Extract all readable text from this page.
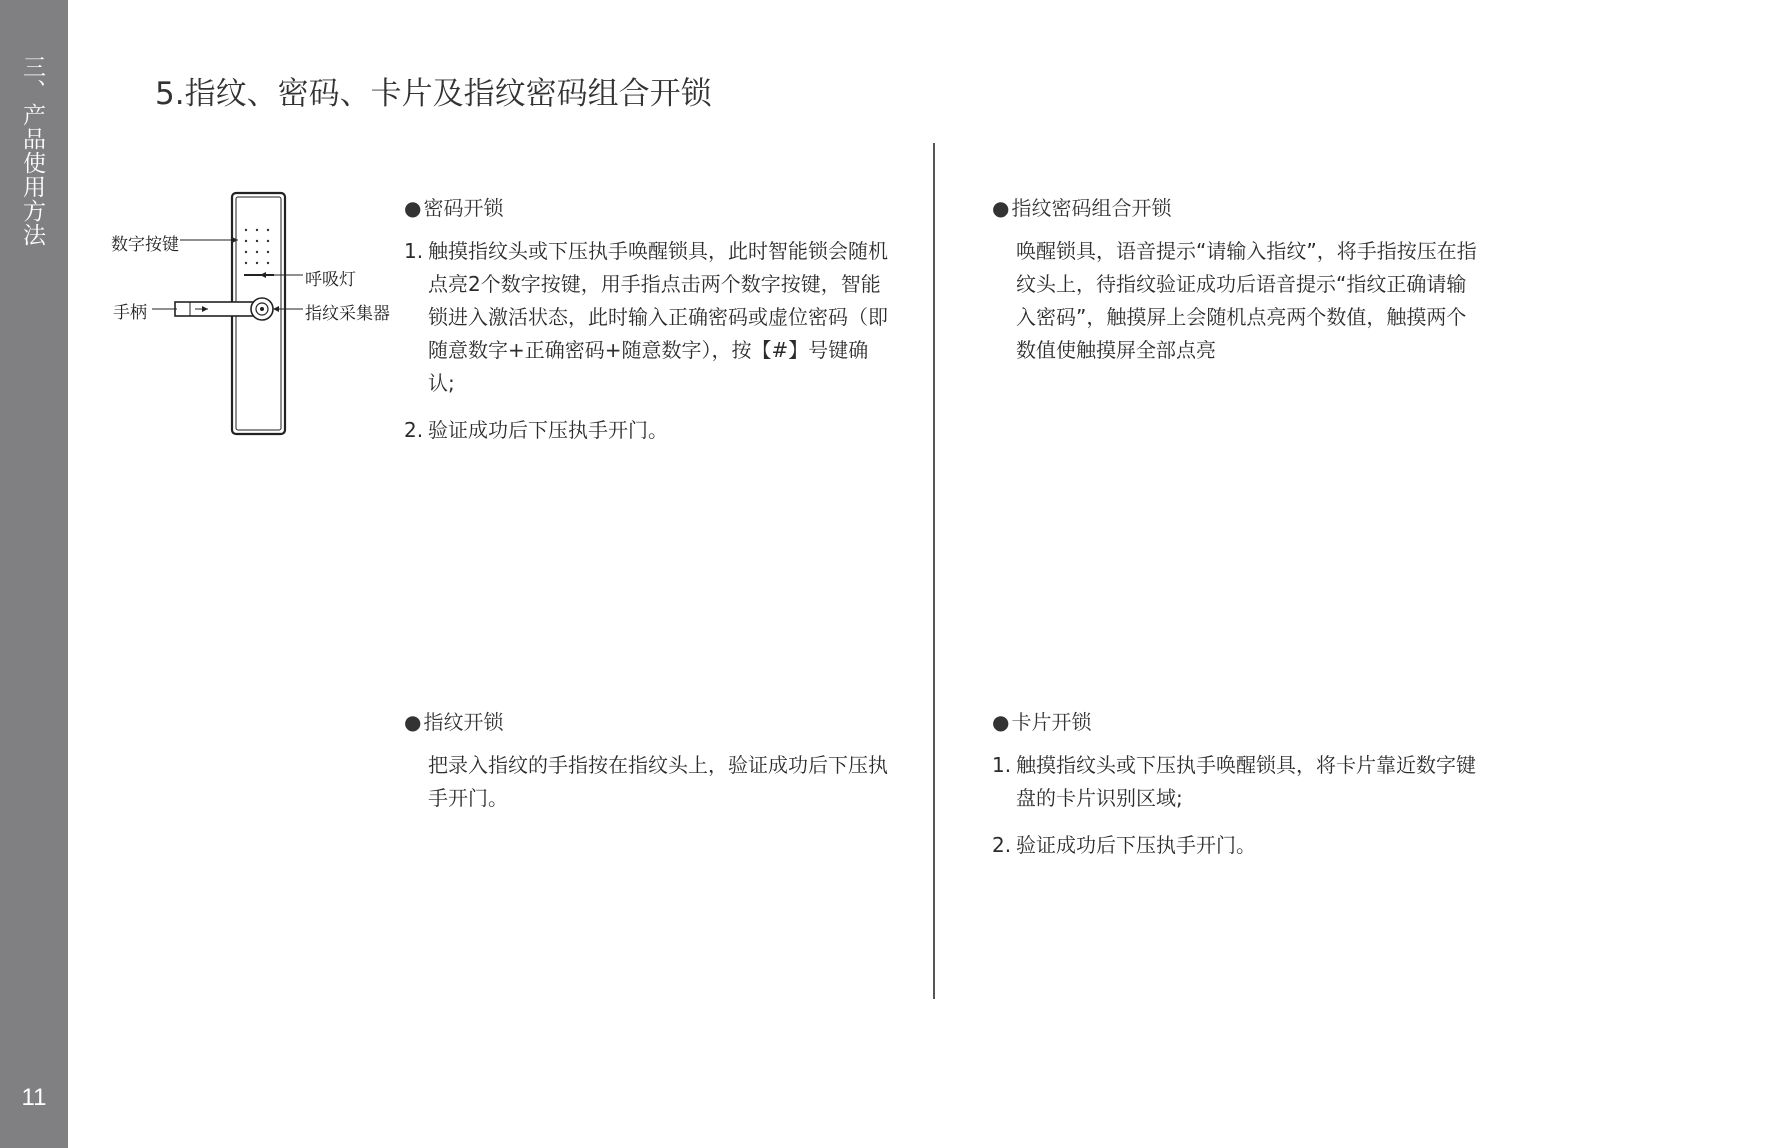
三、产品使用方法
11
5.指纹、密码、卡片及指纹密码组合开锁
数字按键
呼吸灯
手柄	指纹采集器
● 密码开锁
1. 触摸指纹头或下压执手唤醒锁具，此时智能锁会随机点亮2个数字按键，用手指点击两个数字按键，智能锁进入激活状态，此时输入正确密码或虚位密码（即随意数字+正确密码+随意数字），按【#】号键确认;
2. 验证成功后下压执手开门。
● 指纹密码组合开锁
唤醒锁具，语音提示“请输入指纹”，将手指按压在指纹头上，待指纹验证成功后语音提示“指纹正确请输入密码”，触摸屏上会随机点亮两个数值，触摸两个数值使触摸屏全部点亮
● 指纹开锁
把录入指纹的手指按在指纹头上，验证成功后下压执手开门。
● 卡片开锁
1. 触摸指纹头或下压执手唤醒锁具，将卡片靠近数字键盘的卡片识别区域;
2. 验证成功后下压执手开门。
